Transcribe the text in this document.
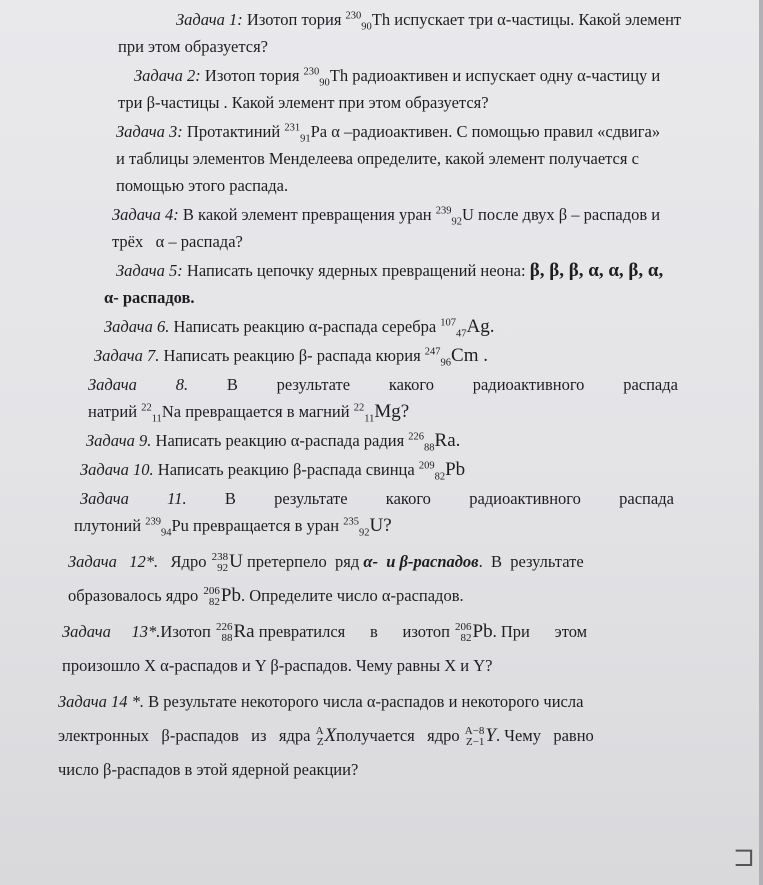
⊐
Задача 1: Изотоп тория $^{230}_{90}$Th испускает три α-частицы. Какой элемент
при этом образуется?
Задача 2: Изотоп тория $^{230}_{90}$Th радиоактивен и испускает одну α-частицу и
три β-частицы . Какой элемент при этом образуется?
Задача 3: Протактиний $^{231}_{91}$Pa α –радиоактивен. С помощью правил «сдвига»
и таблицы элементов Менделеева определите, какой элемент получается с
помощью этого распада.
Задача 4: В какой элемент превращения уран $^{239}_{92}$U после двух β – распадов и
трёх   α – распада?
Задача 5: Написать цепочку ядерных превращений неона: β, β, β, α, α, β, α,
α- распадов.
Задача 6. Написать реакцию α-распада серебра $^{107}_{47}$Ag.
Задача 7. Написать реакцию β- распада кюрия $^{247}_{96}$Cm .
Задача 8. В результате какого радиоактивного распада
натрий $^{22}_{11}$Na превращается в магний $^{22}_{11}$Mg?
Задача 9. Написать реакцию α-распада радия $^{226}_{88}$Ra.
Задача 10. Написать реакцию β-распада свинца $^{209}_{82}$Pb
Задача 11. В результате какого радиоактивного распада
плутоний $^{239}_{94}$Pu превращается в уран $^{235}_{92}$U?
Задача   12*. Ядро 238
92 U претерпело  ряд α-  и β-распадов.  В  результате
образовалось ядро 206
82 Pb. Определите число α-распадов.
Задача 13*.Изотоп 226
88 Ra превратился      в      изотоп 206
82 Pb. При      этом
произошло X α-распадов и Y β-распадов. Чему равны X и Y?
Задача 14 *. В результате некоторого числа α-распадов и некоторого числа
электронных   β-распадов   из   ядра A
Z Xполучается   ядро A−8
Z−1 Y. Чему   равно
число β-распадов в этой ядерной реакции?
